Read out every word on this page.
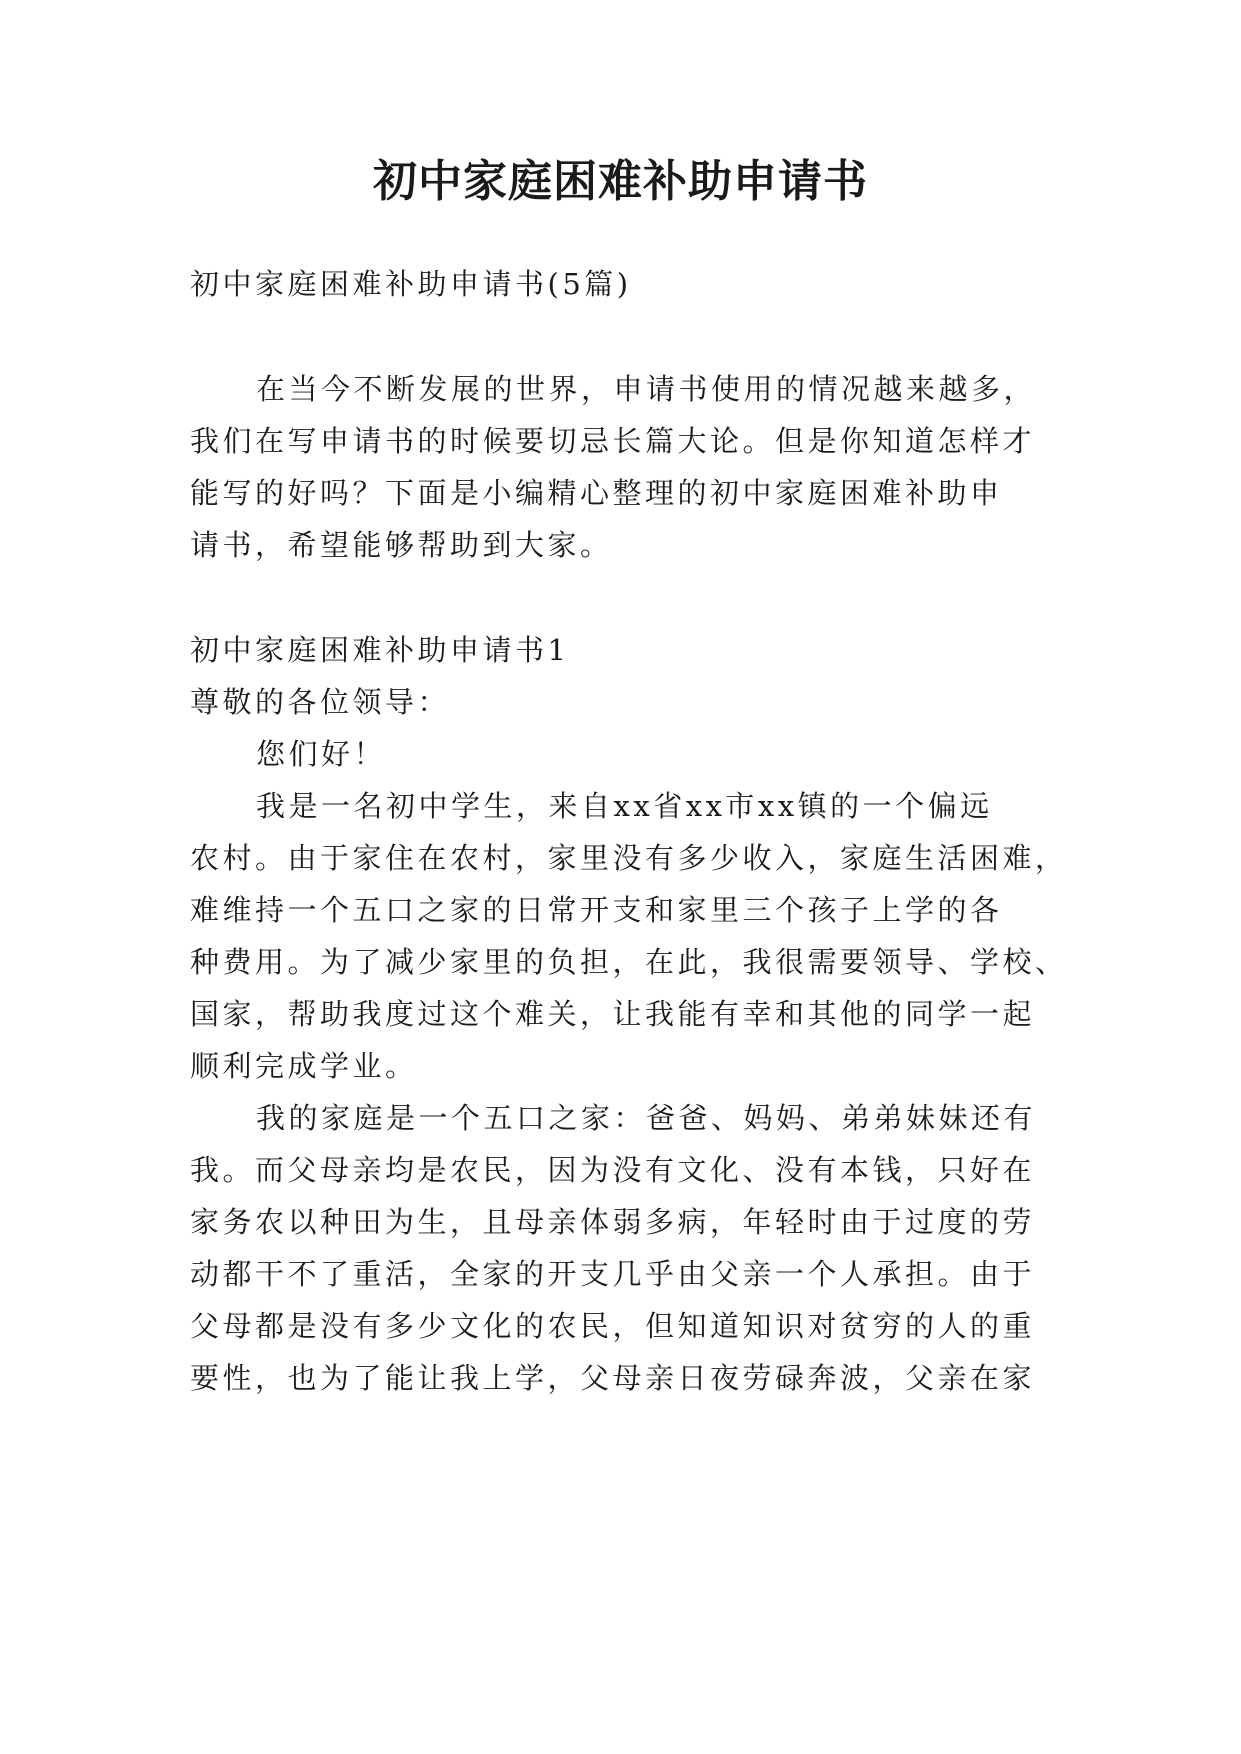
初中家庭困难补助申请书

初中家庭困难补助申请书(5篇)

在当今不断发展的世界，申请书使用的情况越来越多，

我们在写申请书的时候要切忌长篇大论。但是你知道怎样才

能写的好吗？下面是小编精心整理的初中家庭困难补助申

请书，希望能够帮助到大家。

初中家庭困难补助申请书1

尊敬的各位领导：

您们好！

我是一名初中学生，来自xx省xx市xx镇的一个偏远

农村。由于家住在农村，家里没有多少收入，家庭生活困难，

难维持一个五口之家的日常开支和家里三个孩子上学的各

种费用。为了减少家里的负担，在此，我很需要领导、学校、

国家，帮助我度过这个难关，让我能有幸和其他的同学一起

顺利完成学业。

我的家庭是一个五口之家：爸爸、妈妈、弟弟妹妹还有

我。而父母亲均是农民，因为没有文化、没有本钱，只好在

家务农以种田为生，且母亲体弱多病，年轻时由于过度的劳

动都干不了重活，全家的开支几乎由父亲一个人承担。由于

父母都是没有多少文化的农民，但知道知识对贫穷的人的重

要性，也为了能让我上学，父母亲日夜劳碌奔波，父亲在家
